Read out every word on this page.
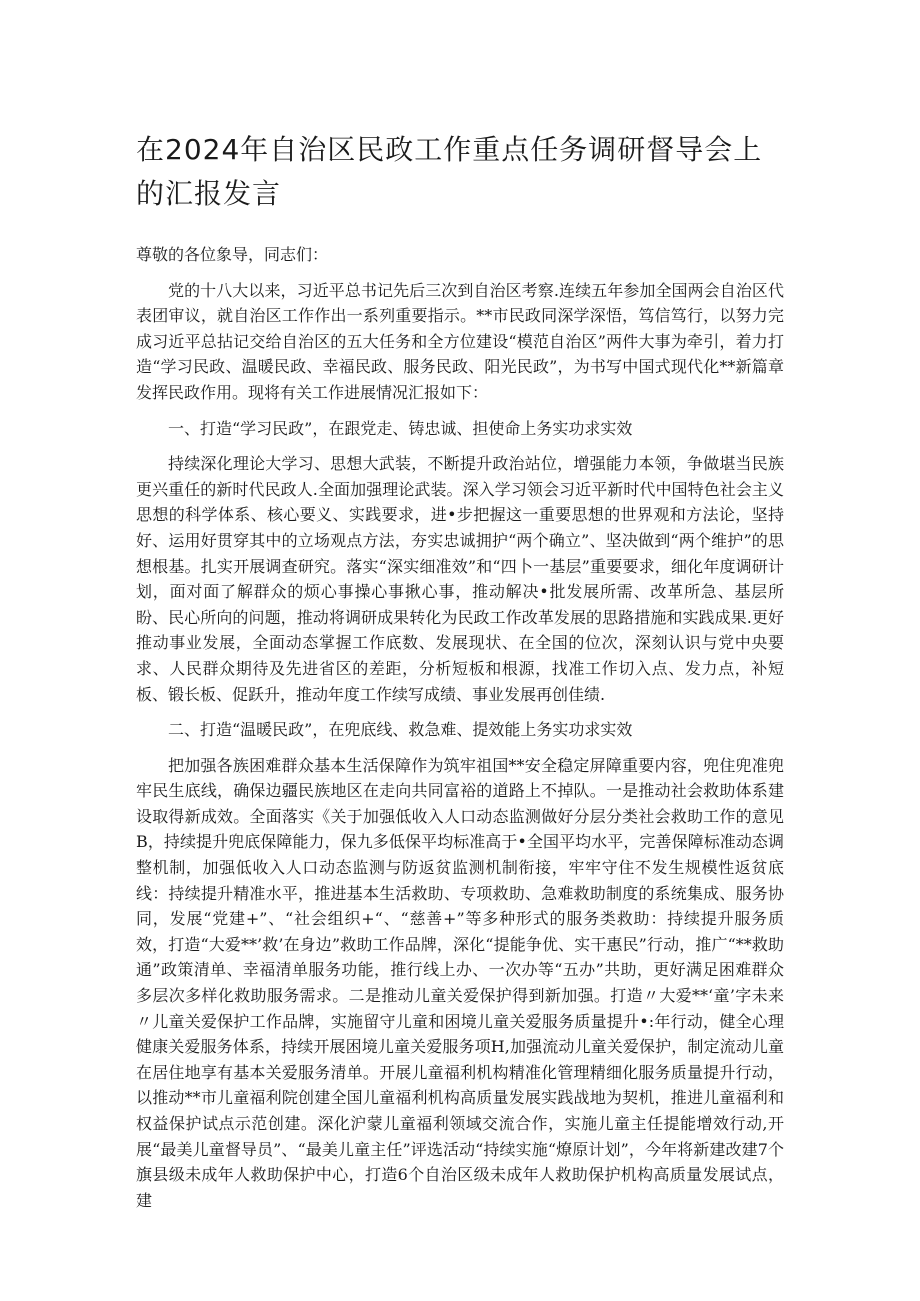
在2024年自治区民政工作重点任务调研督导会上的汇报发言

尊敬的各位象导，同志们：

党的十八大以来，习近平总书记先后三次到自治区考察.连续五年参加全国两会自治区代表团审议，就自治区工作作出一系列重要指示。**市民政同深学深悟，笃信笃行，以努力完成习近平总拈记交给自治区的五大任务和全方位建设“模范自治区”两件大事为牵引，着力打造“学习民政、温暖民政、幸福民政、服务民政、阳光民政”，为书写中国式现代化**新篇章发挥民政作用。现将有关工作进展情况汇报如下：

一、打造“学习民政”，在跟党走、铸忠诚、担使命上务实功求实效

持续深化理论大学习、思想大武装，不断提升政治站位，增强能力本领，争做堪当民族更兴重任的新时代民政人.全面加强理论武装。深入学习领会习近平新时代中国特色社会主义思想的科学体系、核心要义、实践要求，进•步把握这一重要思想的世界观和方法论，坚持好、运用好贯穿其中的立场观点方法，夯实忠诚拥护“两个确立”、坚决做到“两个维护”的思想根基。扎实开展调查研究。落实“深实细准效”和“四卜一基层”重要要求，细化年度调研计划，面对面了解群众的烦心事操心事揪心事，推动解决•批发展所需、改革所急、基层所盼、民心所向的问题，推动将调研成果转化为民政工作改革发展的思路措施和实践成果.更好推动事业发展，全面动态掌握工作底数、发展现状、在全国的位次，深刻认识与党中央要求、人民群众期待及先进省区的差距，分析短板和根源，找准工作切入点、发力点，补短板、锻长板、促跃升，推动年度工作续写成绩、事业发展再创佳绩.

二、打造“温暖民政”，在兜底线、救急难、提效能上务实功求实效

把加强各族困难群众基本生活保障作为筑牢祖国**安全稳定屏障重要内容，兜住兜准兜牢民生底线，确保边疆民族地区在走向共同富裕的道路上不掉队。一是推动社会救助体系建设取得新成效。全面落实《关于加强低收入人口动态监测做好分层分类社会救助工作的意见B，持续提升兜底保障能力，保九多低保平均标准高于•全国平均水平，完善保障标准动态调整机制，加强低收入人口动态监测与防返贫监测机制衔接，牢牢守住不发生规模性返贫底线：持续提升精准水平，推进基本生活救助、专项救助、急难救助制度的系统集成、服务协同，发展“党建+”、“社会组织+“、“慈善+”等多种形式的服务类救助：持续提升服务质效，打造“大爱**’救’在身边”救助工作品牌，深化“提能争优、实干惠民”行动，推广“**救助通”政策清单、幸福清单服务功能，推行线上办、一次办等“五办”共助，更好满足困难群众多层次多样化救助服务需求。二是推动儿童关爱保护得到新加强。打造〃大爱**‘童’字未来〃儿童关爱保护工作品牌，实施留守儿童和困境儿童关爱服务质量提升•:年行动，健全心理健康关爱服务体系，持续开展困境儿童关爱服务项H,加强流动儿童关爱保护，制定流动儿童在居住地享有基本关爱服务清单。开展儿童福利机构精准化管理精细化服务质量提升行动，以推动**市儿童福利院创建全国儿童福利机构高质量发展实践战地为契机，推进儿童福利和权益保护试点示范创建。深化沪蒙儿童福利领域交流合作，实施儿童主任提能增效行动,开展“最美儿童督导员”、“最美儿童主任”评选活动“持续实施“燎原计划”，今年将新建改建7个旗县级未成年人救助保护中心，打造6个自治区级未成年人救助保护机构高质量发展试点，建
